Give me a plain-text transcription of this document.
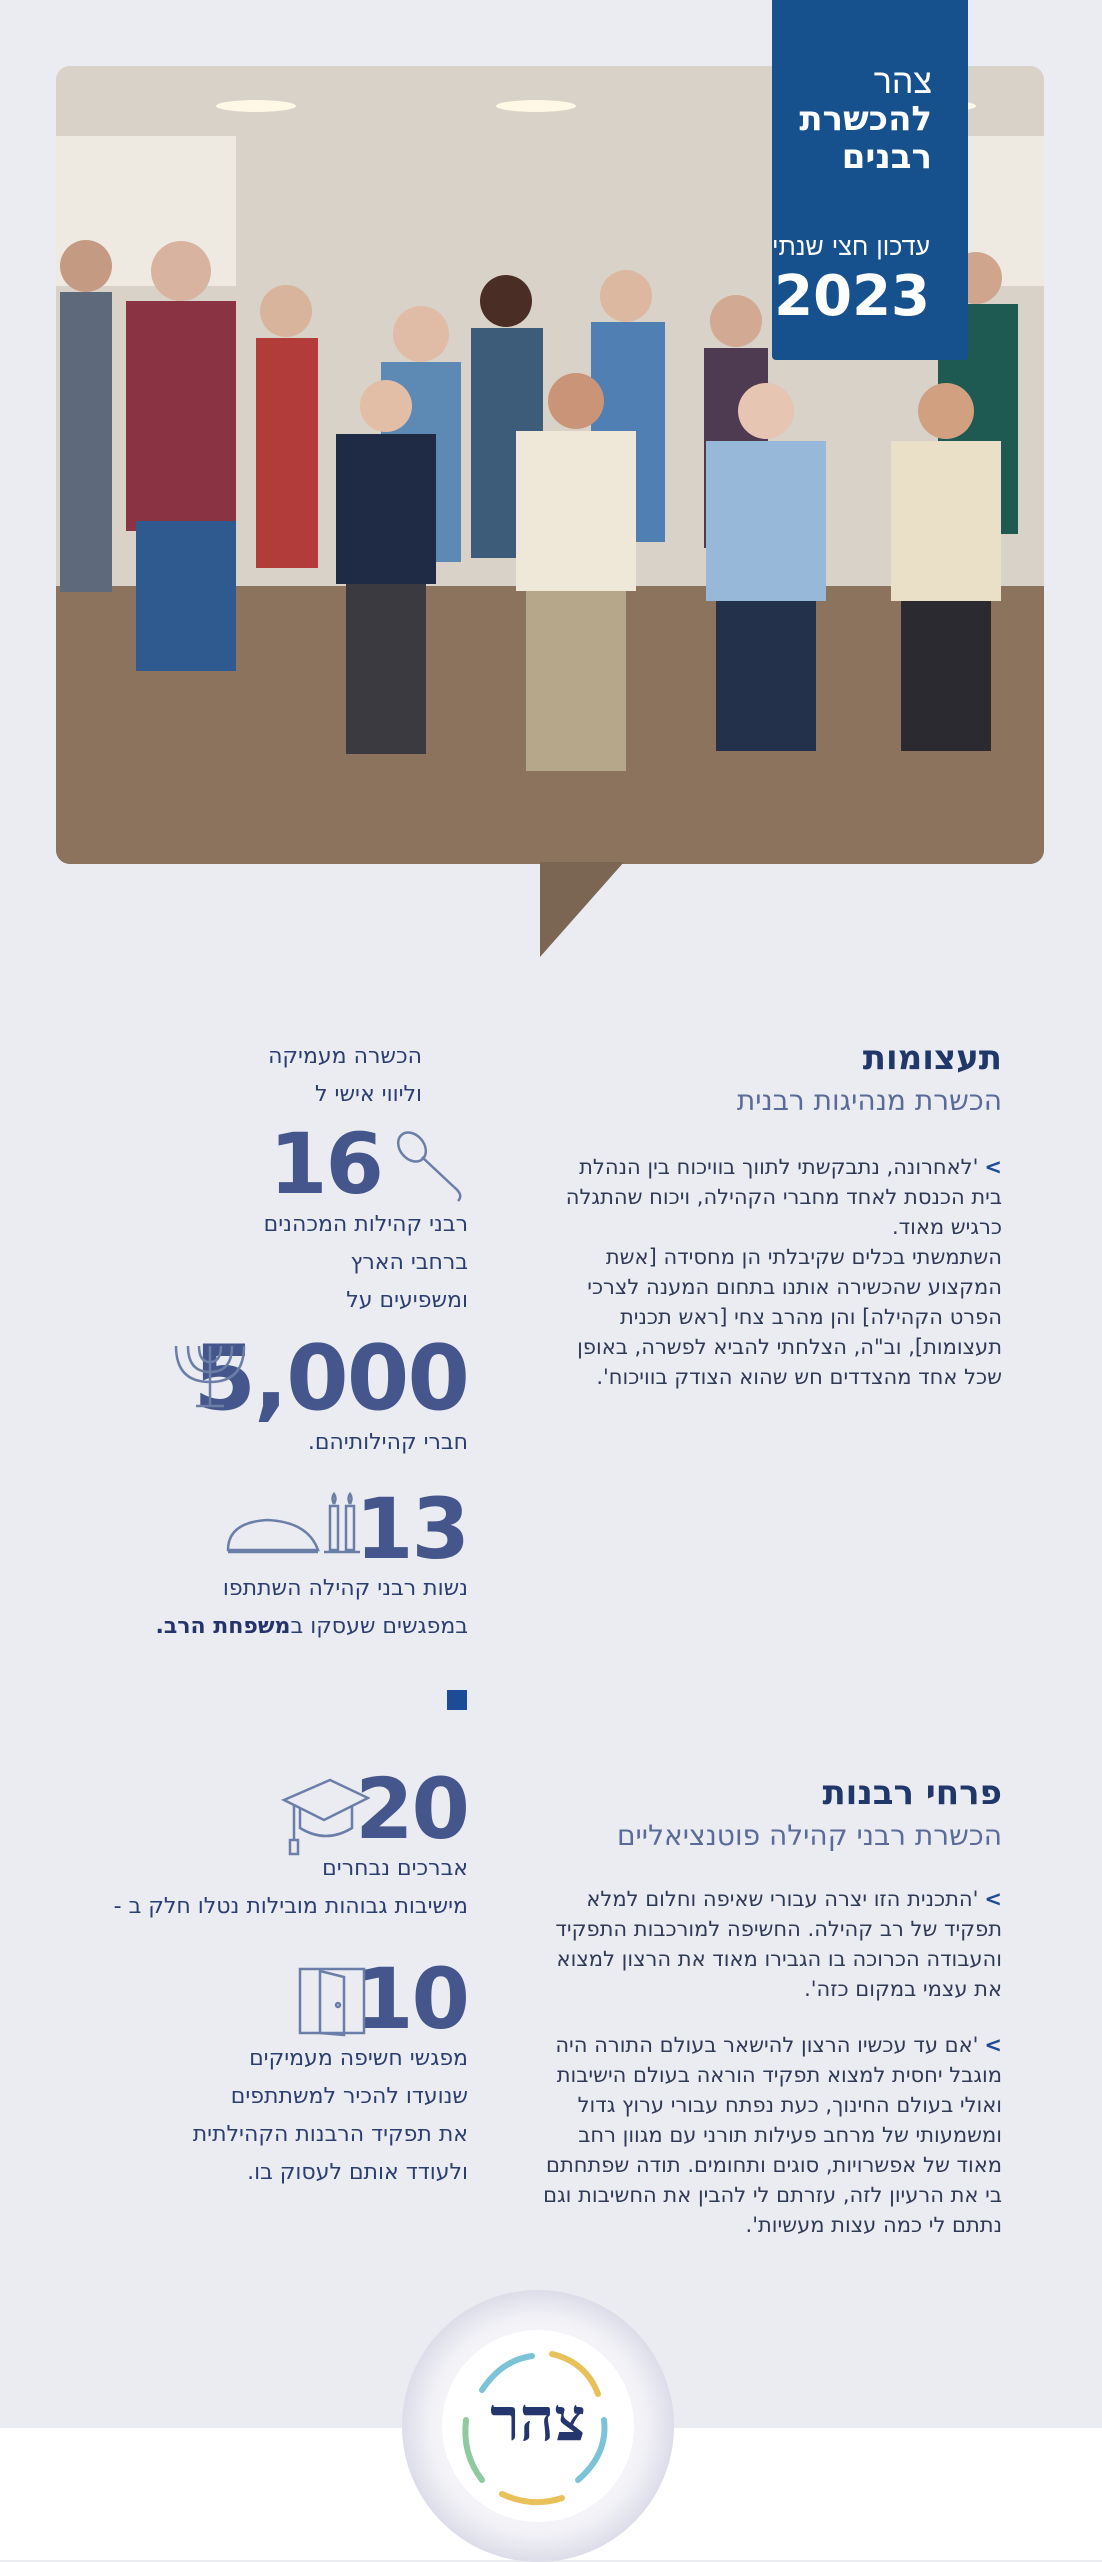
צהר
להכשרת
רבנים
עדכון חצי שנתי
2023
תעצומות
הכשרת מנהיגות רבנית
>'לאחרונה, נתבקשתי לתווך בוויכוח בין הנהלת בית הכנסת לאחד מחברי הקהילה, ויכוח שהתגלה כרגיש מאוד.
השתמשתי בכלים שקיבלתי הן מחסידה [אשת המקצוע שהכשירה אותנו בתחום המענה לצרכי הפרט הקהילה] והן מהרב צחי [ראש תכנית תעצומות], וב"ה, הצלחתי להביא לפשרה, באופן שכל אחד מהצדדים חש שהוא הצודק בוויכוח'.
הכשרה מעמיקה
וליווי אישי ל
16
רבני קהילות המכהנים
ברחבי הארץ
ומשפיעים על
5,000
חברי קהילותיהם.
13
נשות רבני קהילה השתתפו
במפגשים שעסקו במשפחת הרב.
פרחי רבנות
הכשרת רבני קהילה פוטנציאליים
>'התכנית הזו יצרה עבורי שאיפה וחלום למלא תפקיד של רב קהילה. החשיפה למורכבות התפקיד והעבודה הכרוכה בו הגבירו מאוד את הרצון למצוא את עצמי במקום כזה'.
>'אם עד עכשיו הרצון להישאר בעולם התורה היה מוגבל יחסית למצוא תפקיד הוראה בעולם הישיבות ואולי בעולם החינוך, כעת נפתח עבורי ערוץ גדול ומשמעותי של מרחב פעילות תורני עם מגוון רחב מאוד של אפשרויות, סוגים ותחומים. תודה שפתחתם בי את הרעיון לזה, עזרתם לי להבין את החשיבות וגם נתתם לי כמה עצות מעשיות'.
20
אברכים נבחרים
מישיבות גבוהות מובילות נטלו חלק ב -
10
מפגשי חשיפה מעמיקים
שנועדו להכיר למשתתפים
את תפקיד הרבנות הקהילתית
ולעודד אותם לעסוק בו.
צהר
